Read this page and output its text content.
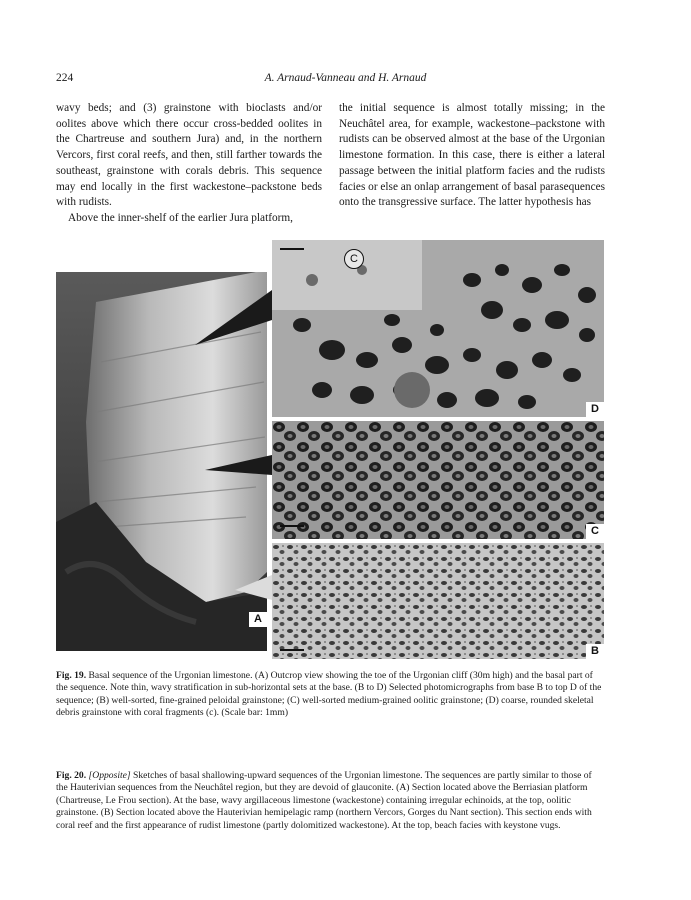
224	A. Arnaud-Vanneau and H. Arnaud

wavy beds; and (3) grainstone with bioclasts and/or oolites above which there occur cross-bedded oolites in the Chartreuse and southern Jura) and, in the northern Vercors, first coral reefs, and then, still farther towards the southeast, grainstone with corals debris. This sequence may end locally in the first wackestone–packstone beds with rudists.

Above the inner-shelf of the earlier Jura platform,

the initial sequence is almost totally missing; in the Neuchâtel area, for example, wackestone–packstone with rudists can be observed almost at the base of the Urgonian limestone formation. In this case, there is either a lateral passage between the initial platform facies and the rudists facies or else an onlap arrangement of basal parasequences onto the transgressive surface. The latter hypothesis has

A
C
D
C
B
Fig. 19. Basal sequence of the Urgonian limestone. (A) Outcrop view showing the toe of the Urgonian cliff (30m high) and the basal part of the sequence. Note thin, wavy stratification in sub-horizontal sets at the base. (B to D) Selected photomicrographs from base B to top D of the sequence; (B) well-sorted, fine-grained peloidal grainstone; (C) well-sorted medium-grained oolitic grainstone; (D) coarse, rounded skeletal debris grainstone with coral fragments (c). (Scale bar: 1mm)
Fig. 20. [Opposite] Sketches of basal shallowing-upward sequences of the Urgonian limestone. The sequences are partly similar to those of the Hauterivian sequences from the Neuchâtel region, but they are devoid of glauconite. (A) Section located above the Berriasian platform (Chartreuse, Le Frou section). At the base, wavy argillaceous limestone (wackestone) containing irregular echinoids, at the top, oolitic grainstone. (B) Section located above the Hauterivian hemipelagic ramp (northern Vercors, Gorges du Nant section). This section ends with coral reef and the first appearance of rudist limestone (partly dolomitized wackestone). At the top, beach facies with keystone vugs.
